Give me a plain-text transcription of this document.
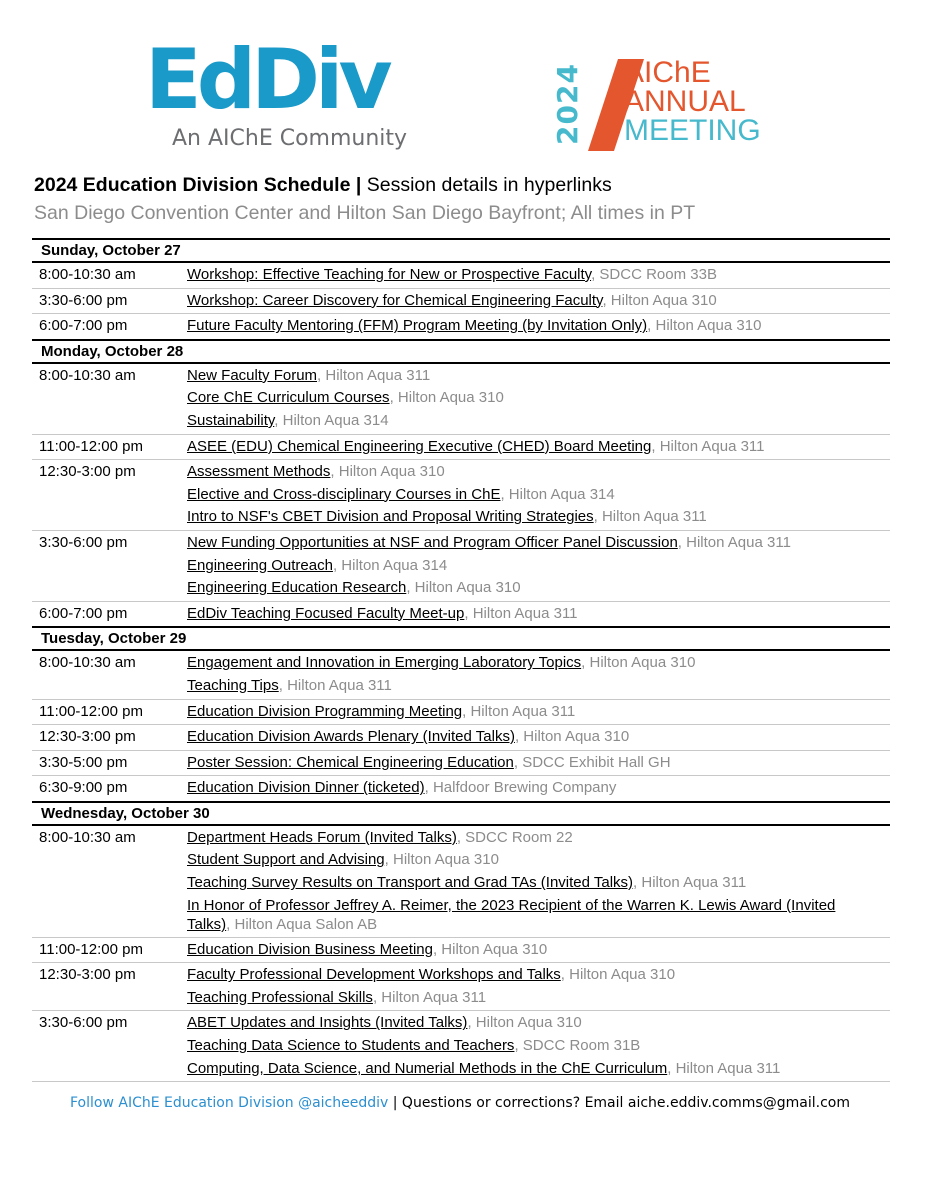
EdDiv
An AIChE Community	2024 AIChE
ANNUAL
MEETING
2024 Education Division Schedule | Session details in hyperlinks
San Diego Convention Center and Hilton San Diego Bayfront; All times in PT
Sunday, October 27
8:00-10:30 am	Workshop: Effective Teaching for New or Prospective Faculty, SDCC Room 33B
3:30-6:00 pm	Workshop: Career Discovery for Chemical Engineering Faculty, Hilton Aqua 310
6:00-7:00 pm	Future Faculty Mentoring (FFM) Program Meeting (by Invitation Only), Hilton Aqua 310
Monday, October 28
8:00-10:30 am	New Faculty Forum, Hilton Aqua 311
Core ChE Curriculum Courses, Hilton Aqua 310
Sustainability, Hilton Aqua 314
11:00-12:00 pm	ASEE (EDU) Chemical Engineering Executive (CHED) Board Meeting, Hilton Aqua 311
12:30-3:00 pm	Assessment Methods, Hilton Aqua 310
Elective and Cross-disciplinary Courses in ChE, Hilton Aqua 314
Intro to NSF's CBET Division and Proposal Writing Strategies, Hilton Aqua 311
3:30-6:00 pm	New Funding Opportunities at NSF and Program Officer Panel Discussion, Hilton Aqua 311
Engineering Outreach, Hilton Aqua 314
Engineering Education Research, Hilton Aqua 310
6:00-7:00 pm	EdDiv Teaching Focused Faculty Meet-up, Hilton Aqua 311
Tuesday, October 29
8:00-10:30 am	Engagement and Innovation in Emerging Laboratory Topics, Hilton Aqua 310
Teaching Tips, Hilton Aqua 311
11:00-12:00 pm	Education Division Programming Meeting, Hilton Aqua 311
12:30-3:00 pm	Education Division Awards Plenary (Invited Talks), Hilton Aqua 310
3:30-5:00 pm	Poster Session: Chemical Engineering Education, SDCC Exhibit Hall GH
6:30-9:00 pm	Education Division Dinner (ticketed), Halfdoor Brewing Company
Wednesday, October 30
8:00-10:30 am	Department Heads Forum (Invited Talks), SDCC Room 22
Student Support and Advising, Hilton Aqua 310
Teaching Survey Results on Transport and Grad TAs (Invited Talks), Hilton Aqua 311
In Honor of Professor Jeffrey A. Reimer, the 2023 Recipient of the Warren K. Lewis Award (Invited Talks), Hilton Aqua Salon AB
11:00-12:00 pm	Education Division Business Meeting, Hilton Aqua 310
12:30-3:00 pm	Faculty Professional Development Workshops and Talks, Hilton Aqua 310
Teaching Professional Skills, Hilton Aqua 311
3:30-6:00 pm	ABET Updates and Insights (Invited Talks), Hilton Aqua 310
Teaching Data Science to Students and Teachers, SDCC Room 31B
Computing, Data Science, and Numerial Methods in the ChE Curriculum, Hilton Aqua 311
Follow AIChE Education Division @aicheeddiv | Questions or corrections? Email aiche.eddiv.comms@gmail.com
